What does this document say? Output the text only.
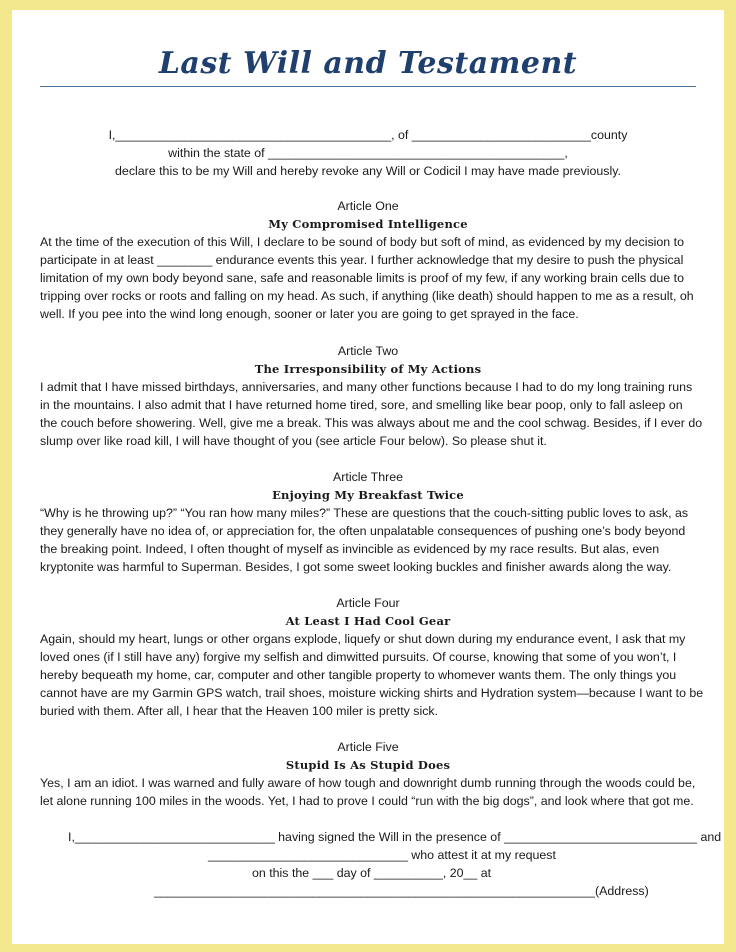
Last Will and Testament
I,________________________________________, of __________________________county
within the state of ___________________________________________,
declare this to be my Will and hereby revoke any Will or Codicil I may have made previously.
Article One
My Compromised Intelligence
At the time of the execution of this Will, I declare to be sound of body but soft of mind, as evidenced by my decision to
participate in at least ________ endurance events this year. I further acknowledge that my desire to push the physical
limitation of my own body beyond sane, safe and reasonable limits is proof of my few, if any working brain cells due to
tripping over rocks or roots and falling on my head. As such, if anything (like death) should happen to me as a result, oh
well. If you pee into the wind long enough, sooner or later you are going to get sprayed in the face.
Article Two
The Irresponsibility of My Actions
I admit that I have missed birthdays, anniversaries, and many other functions because I had to do my long training runs
in the mountains. I also admit that I have returned home tired, sore, and smelling like bear poop, only to fall asleep on
the couch before showering. Well, give me a break. This was always about me and the cool schwag. Besides, if I ever do
slump over like road kill, I will have thought of you (see article Four below). So please shut it.
Article Three
Enjoying My Breakfast Twice
“Why is he throwing up?” “You ran how many miles?” These are questions that the couch-sitting public loves to ask, as
they generally have no idea of, or appreciation for, the often unpalatable consequences of pushing one’s body beyond
the breaking point. Indeed, I often thought of myself as invincible as evidenced by my race results. But alas, even
kryptonite was harmful to Superman. Besides, I got some sweet looking buckles and finisher awards along the way.
Article Four
At Least I Had Cool Gear
Again, should my heart, lungs or other organs explode, liquefy or shut down during my endurance event, I ask that my
loved ones (if I still have any) forgive my selfish and dimwitted pursuits. Of course, knowing that some of you won’t, I
hereby bequeath my home, car, computer and other tangible property to whomever wants them. The only things you
cannot have are my Garmin GPS watch, trail shoes, moisture wicking shirts and Hydration system—because I want to be
buried with them. After all, I hear that the Heaven 100 miler is pretty sick.
Article Five
Stupid Is As Stupid Does
Yes, I am an idiot. I was warned and fully aware of how tough and downright dumb running through the woods could be,
let alone running 100 miles in the woods. Yet, I had to prove I could “run with the big dogs”, and look where that got me.
I,_____________________________ having signed the Will in the presence of ____________________________ and
_____________________________ who attest it at my request
on this the ___ day of __________, 20__ at
________________________________________________________________(Address)
